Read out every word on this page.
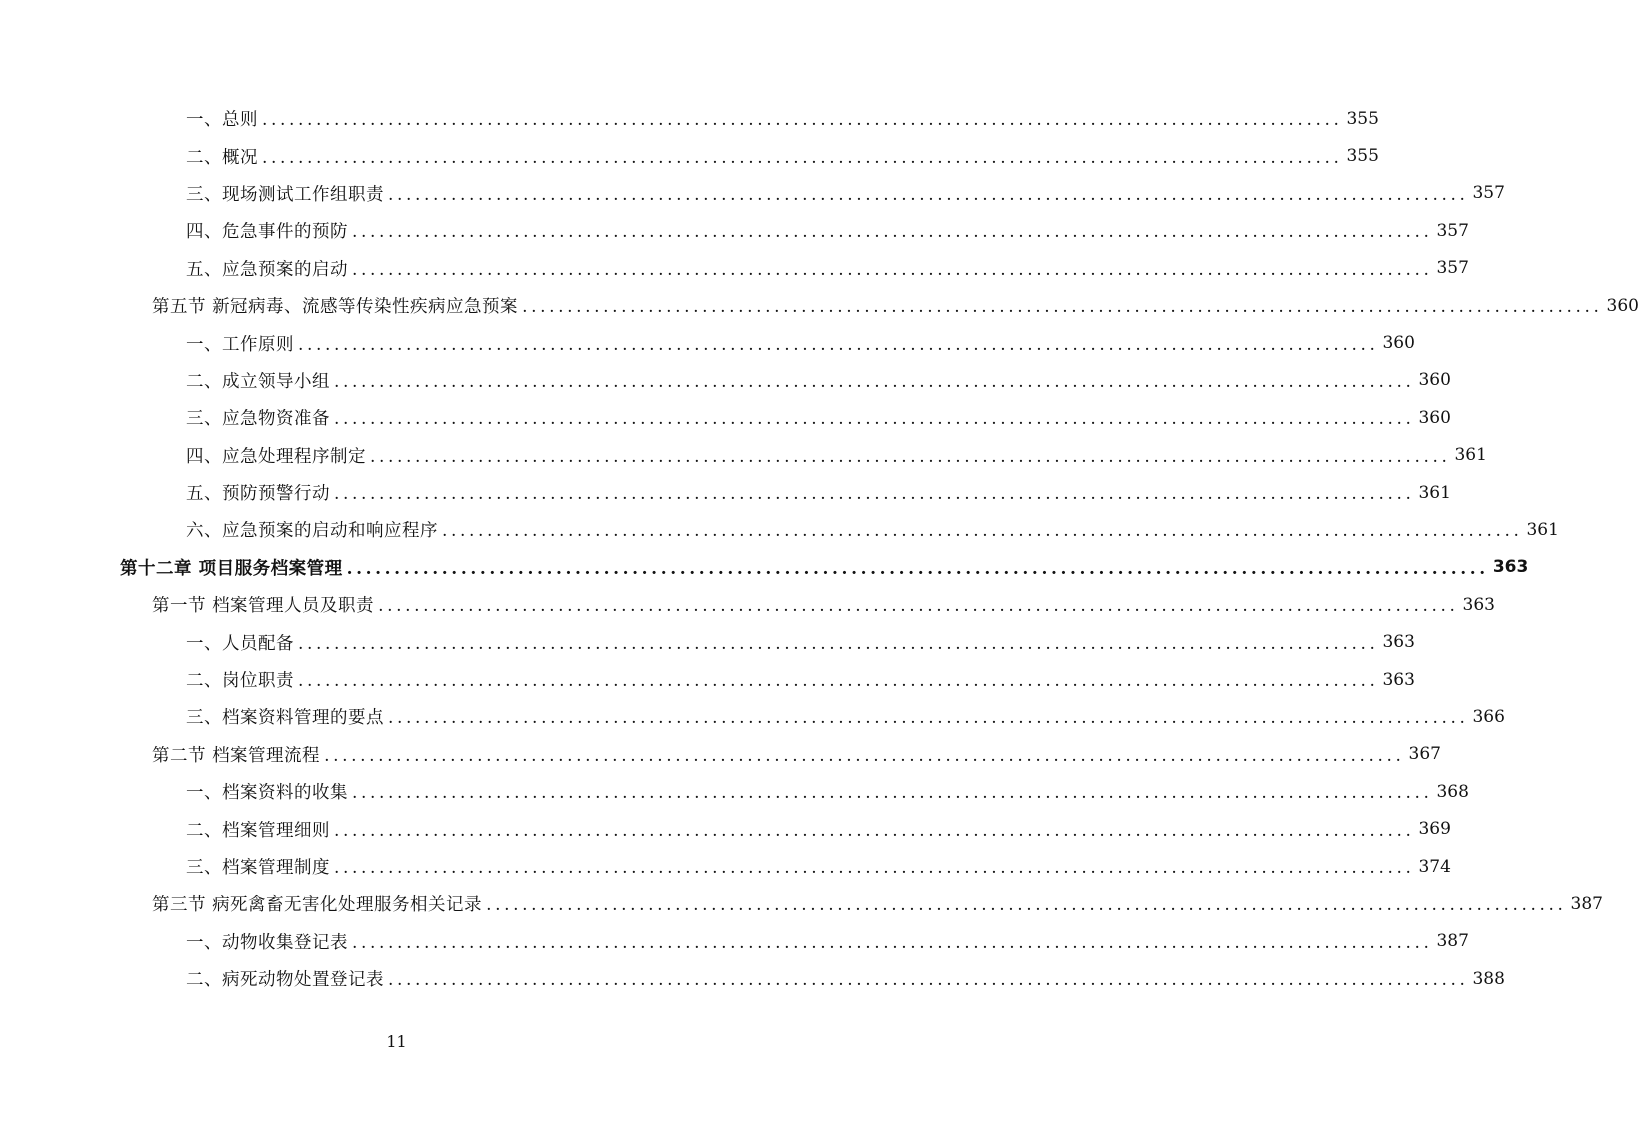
一、总则 ........................................................................................................................ 355
二、概况 ........................................................................................................................ 355
三、现场测试工作组职责 ........................................................................................................................ 357
四、危急事件的预防 ........................................................................................................................ 357
五、应急预案的启动 ........................................................................................................................ 357
第五节 新冠病毒、流感等传染性疾病应急预案 ........................................................................................................................ 360
一、工作原则 ........................................................................................................................ 360
二、成立领导小组 ........................................................................................................................ 360
三、应急物资准备 ........................................................................................................................ 360
四、应急处理程序制定 ........................................................................................................................ 361
五、预防预警行动 ........................................................................................................................ 361
六、应急预案的启动和响应程序 ........................................................................................................................ 361
第十二章 项目服务档案管理 ........................................................................................................................ 363
第一节 档案管理人员及职责 ........................................................................................................................ 363
一、人员配备 ........................................................................................................................ 363
二、岗位职责 ........................................................................................................................ 363
三、档案资料管理的要点 ........................................................................................................................ 366
第二节 档案管理流程 ........................................................................................................................ 367
一、档案资料的收集 ........................................................................................................................ 368
二、档案管理细则 ........................................................................................................................ 369
三、档案管理制度 ........................................................................................................................ 374
第三节 病死禽畜无害化处理服务相关记录 ........................................................................................................................ 387
一、动物收集登记表 ........................................................................................................................ 387
二、病死动物处置登记表 ........................................................................................................................ 388
11
